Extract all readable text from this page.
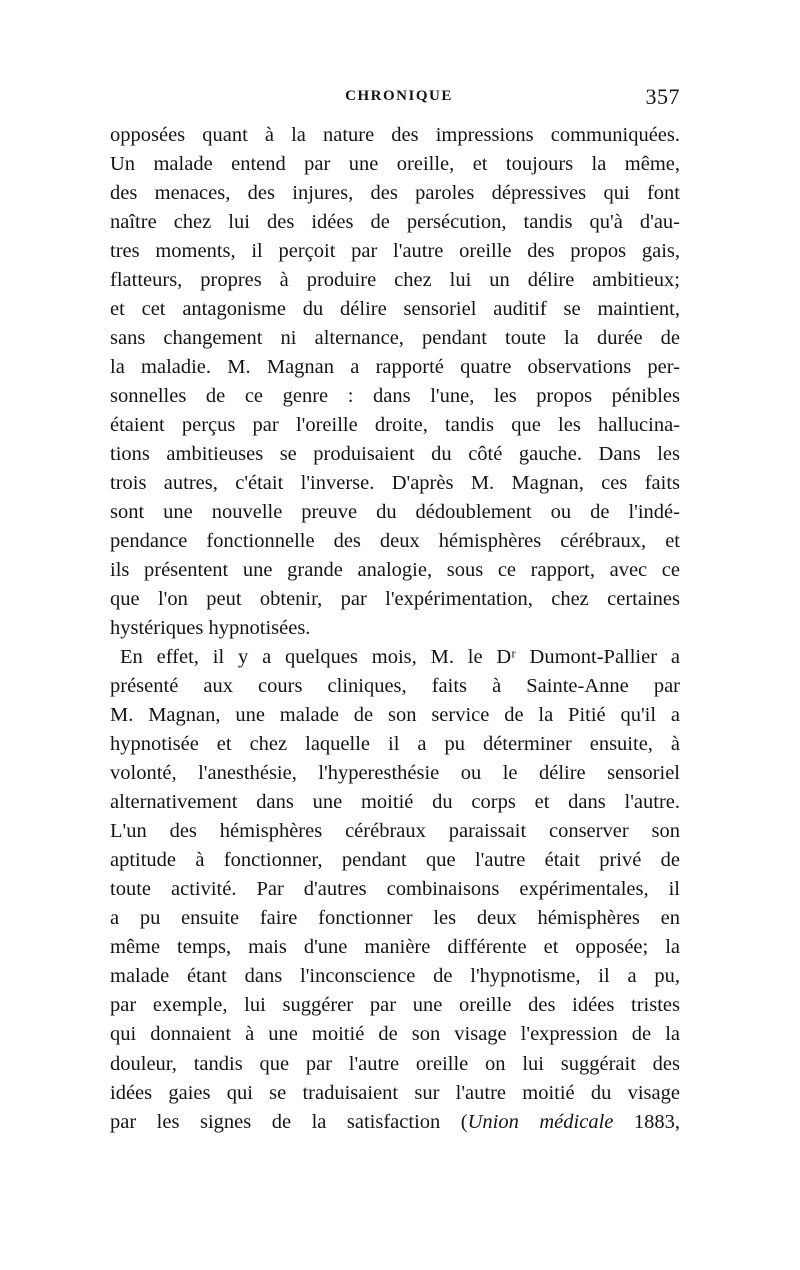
CHRONIQUE	357
opposées quant à la nature des impressions communiquées.
Un malade entend par une oreille, et toujours la même,
des menaces, des injures, des paroles dépressives qui font
naître chez lui des idées de persécution, tandis qu'à d'au-
tres moments, il perçoit par l'autre oreille des propos gais,
flatteurs, propres à produire chez lui un délire ambitieux;
et cet antagonisme du délire sensoriel auditif se maintient,
sans changement ni alternance, pendant toute la durée de
la maladie. M. Magnan a rapporté quatre observations per-
sonnelles de ce genre : dans l'une, les propos pénibles
étaient perçus par l'oreille droite, tandis que les hallucina-
tions ambitieuses se produisaient du côté gauche. Dans les
trois autres, c'était l'inverse. D'après M. Magnan, ces faits
sont une nouvelle preuve du dédoublement ou de l'indé-
pendance fonctionnelle des deux hémisphères cérébraux, et
ils présentent une grande analogie, sous ce rapport, avec ce
que l'on peut obtenir, par l'expérimentation, chez certaines
hystériques hypnotisées.
En effet, il y a quelques mois, M. le Dʳ Dumont-Pallier a
présenté aux cours cliniques, faits à Sainte-Anne par
M. Magnan, une malade de son service de la Pitié qu'il a
hypnotisée et chez laquelle il a pu déterminer ensuite, à
volonté, l'anesthésie, l'hyperesthésie ou le délire sensoriel
alternativement dans une moitié du corps et dans l'autre.
L'un des hémisphères cérébraux paraissait conserver son
aptitude à fonctionner, pendant que l'autre était privé de
toute activité. Par d'autres combinaisons expérimentales, il
a pu ensuite faire fonctionner les deux hémisphères en
même temps, mais d'une manière différente et opposée; la
malade étant dans l'inconscience de l'hypnotisme, il a pu,
par exemple, lui suggérer par une oreille des idées tristes
qui donnaient à une moitié de son visage l'expression de la
douleur, tandis que par l'autre oreille on lui suggérait des
idées gaies qui se traduisaient sur l'autre moitié du visage
par les signes de la satisfaction (Union médicale 1883,
